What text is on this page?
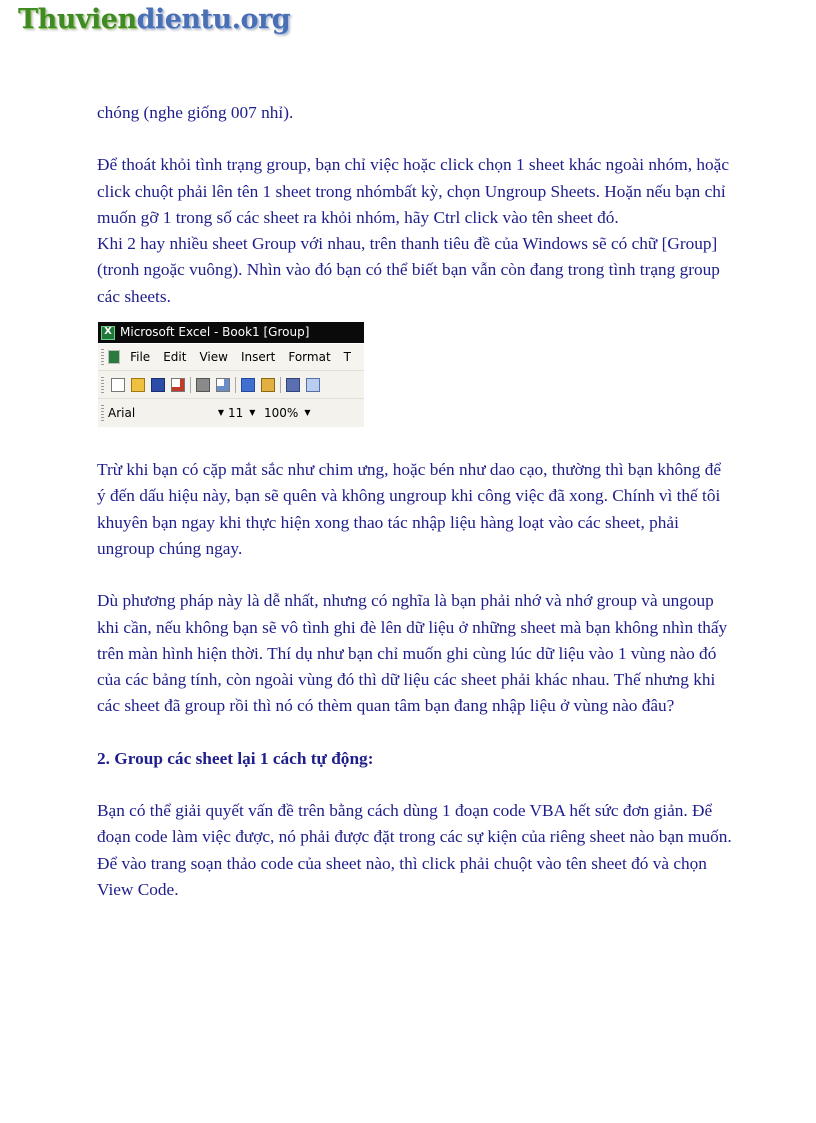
Thuviendientu.org

chóng (nghe giống 007 nhỉ).

Để thoát khỏi tình trạng group, bạn chỉ việc hoặc click chọn 1 sheet khác ngoài nhóm, hoặc click chuột phải lên tên 1 sheet trong nhómbất kỳ, chọn Ungroup Sheets. Hoặn nếu bạn chỉ muốn gỡ 1 trong số các sheet ra khỏi nhóm, hãy Ctrl click vào tên sheet đó.

Khi 2 hay nhiều sheet Group với nhau, trên thanh tiêu đề của Windows sẽ có chữ [Group] (tronh ngoặc vuông). Nhìn vào đó bạn có thể biết bạn vẫn còn đang trong tình trạng group các sheets.

X Microsoft Excel - Book1 [Group]
File Edit View Insert Format T
Arial	▼ 11 ▼ 100% ▼

Trừ khi bạn có cặp mắt sắc như chim ưng, hoặc bén như dao cạo, thường thì bạn không để ý đến dấu hiệu này, bạn sẽ quên và không ungroup khi công việc đã xong. Chính vì thế tôi khuyên bạn ngay khi thực hiện xong thao tác nhập liệu hàng loạt vào các sheet, phải ungroup chúng ngay.

Dù phương pháp này là dễ nhất, nhưng có nghĩa là bạn phải nhớ và nhớ group và ungoup khi cần, nếu không bạn sẽ vô tình ghi đè lên dữ liệu ở những sheet mà bạn không nhìn thấy trên màn hình hiện thời. Thí dụ như bạn chỉ muốn ghi cùng lúc dữ liệu vào 1 vùng nào đó của các bảng tính, còn ngoài vùng đó thì dữ liệu các sheet phải khác nhau. Thế nhưng khi các sheet đã group rồi thì nó có thèm quan tâm bạn đang nhập liệu ở vùng nào đâu?

2. Group các sheet lại 1 cách tự động:

Bạn có thể giải quyết vấn đề trên bằng cách dùng 1 đoạn code VBA hết sức đơn giản. Để đoạn code làm việc được, nó phải được đặt trong các sự kiện của riêng sheet nào bạn muốn. Để vào trang soạn thảo code của sheet nào, thì click phải chuột vào tên sheet đó và chọn View Code.
